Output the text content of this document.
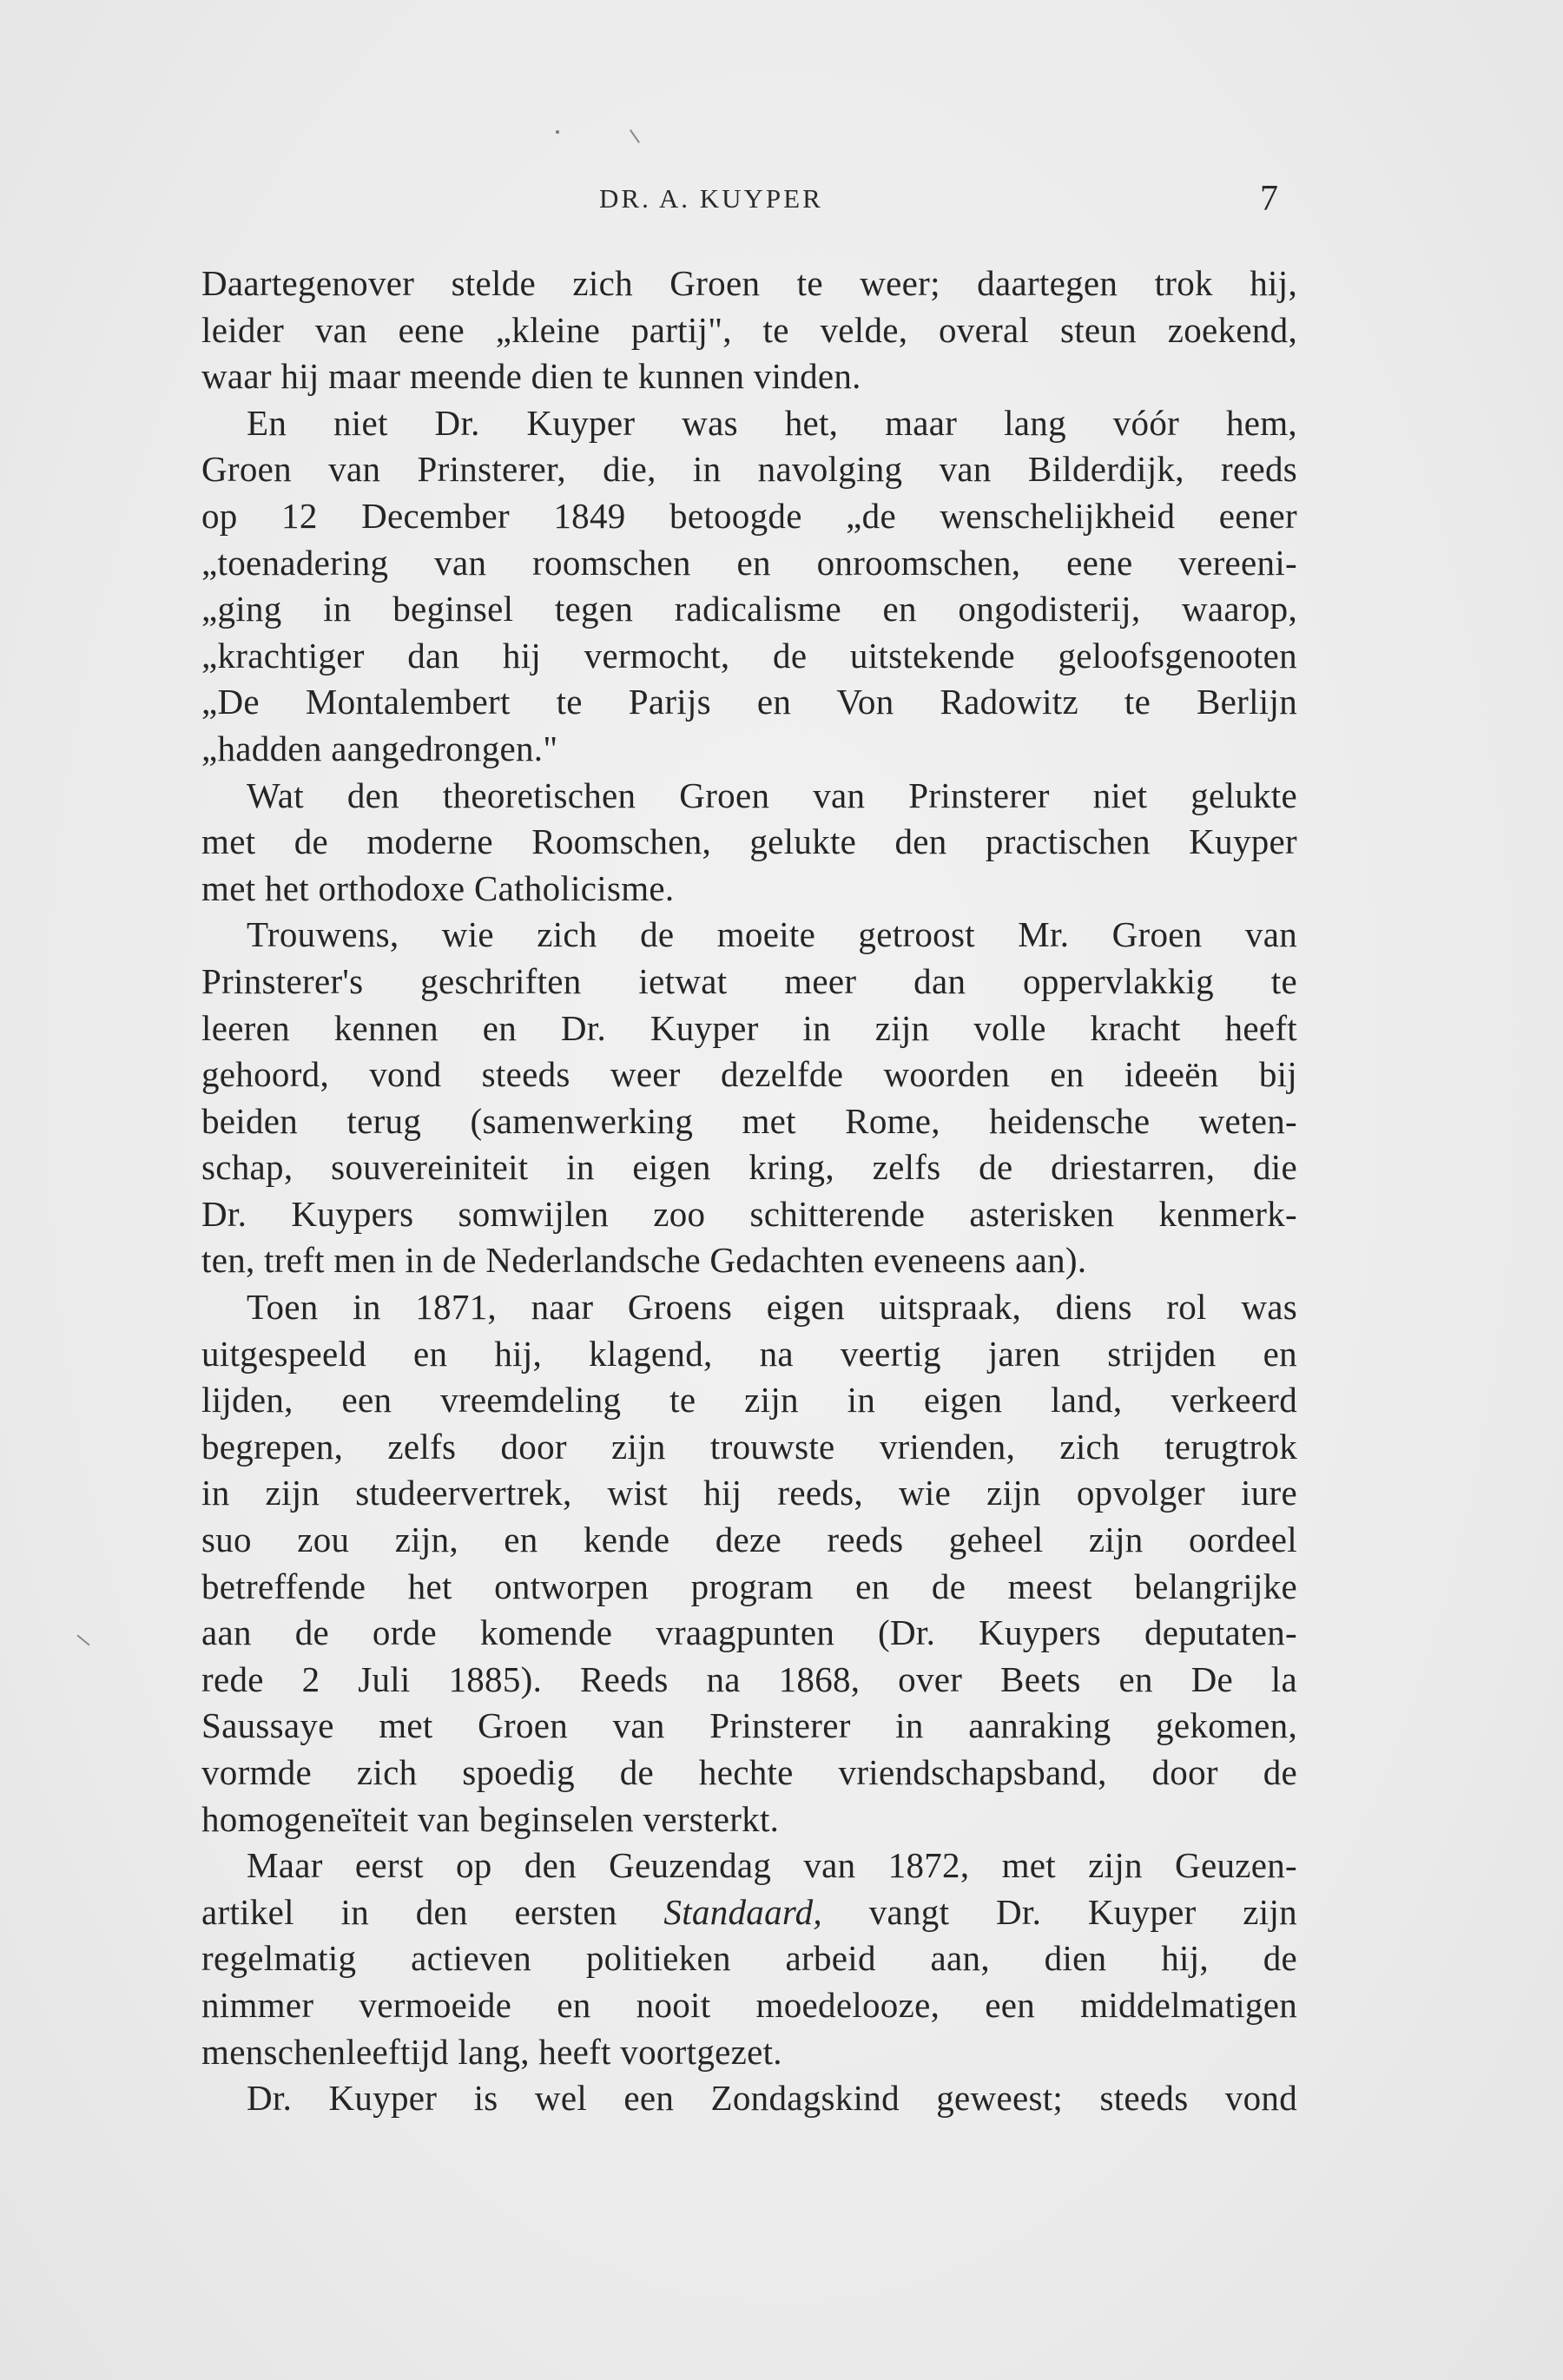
DR. A. KUYPER	7
Daartegenover stelde zich Groen te weer; daartegen trok hij,
leider van eene „kleine partij", te velde, overal steun zoekend,
waar hij maar meende dien te kunnen vinden.
En niet Dr. Kuyper was het, maar lang vóór hem,
Groen van Prinsterer, die, in navolging van Bilderdijk, reeds
op 12 December 1849 betoogde „de wenschelijkheid eener
„toenadering van roomschen en onroomschen, eene vereeni-
„ging in beginsel tegen radicalisme en ongodisterij, waarop,
„krachtiger dan hij vermocht, de uitstekende geloofsgenooten
„De Montalembert te Parijs en Von Radowitz te Berlijn
„hadden aangedrongen."
Wat den theoretischen Groen van Prinsterer niet gelukte
met de moderne Roomschen, gelukte den practischen Kuyper
met het orthodoxe Catholicisme.
Trouwens, wie zich de moeite getroost Mr. Groen van
Prinsterer's geschriften ietwat meer dan oppervlakkig te
leeren kennen en Dr. Kuyper in zijn volle kracht heeft
gehoord, vond steeds weer dezelfde woorden en ideeën bij
beiden terug (samenwerking met Rome, heidensche weten-
schap, souvereiniteit in eigen kring, zelfs de driestarren, die
Dr. Kuypers somwijlen zoo schitterende asterisken kenmerk-
ten, treft men in de Nederlandsche Gedachten eveneens aan).
Toen in 1871, naar Groens eigen uitspraak, diens rol was
uitgespeeld en hij, klagend, na veertig jaren strijden en
lijden, een vreemdeling te zijn in eigen land, verkeerd
begrepen, zelfs door zijn trouwste vrienden, zich terugtrok
in zijn studeervertrek, wist hij reeds, wie zijn opvolger iure
suo zou zijn, en kende deze reeds geheel zijn oordeel
betreffende het ontworpen program en de meest belangrijke
aan de orde komende vraagpunten (Dr. Kuypers deputaten-
rede 2 Juli 1885). Reeds na 1868, over Beets en De la
Saussaye met Groen van Prinsterer in aanraking gekomen,
vormde zich spoedig de hechte vriendschapsband, door de
homogeneïteit van beginselen versterkt.
Maar eerst op den Geuzendag van 1872, met zijn Geuzen-
artikel in den eersten Standaard, vangt Dr. Kuyper zijn
regelmatig actieven politieken arbeid aan, dien hij, de
nimmer vermoeide en nooit moedelooze, een middelmatigen
menschenleeftijd lang, heeft voortgezet.
Dr. Kuyper is wel een Zondagskind geweest; steeds vond
